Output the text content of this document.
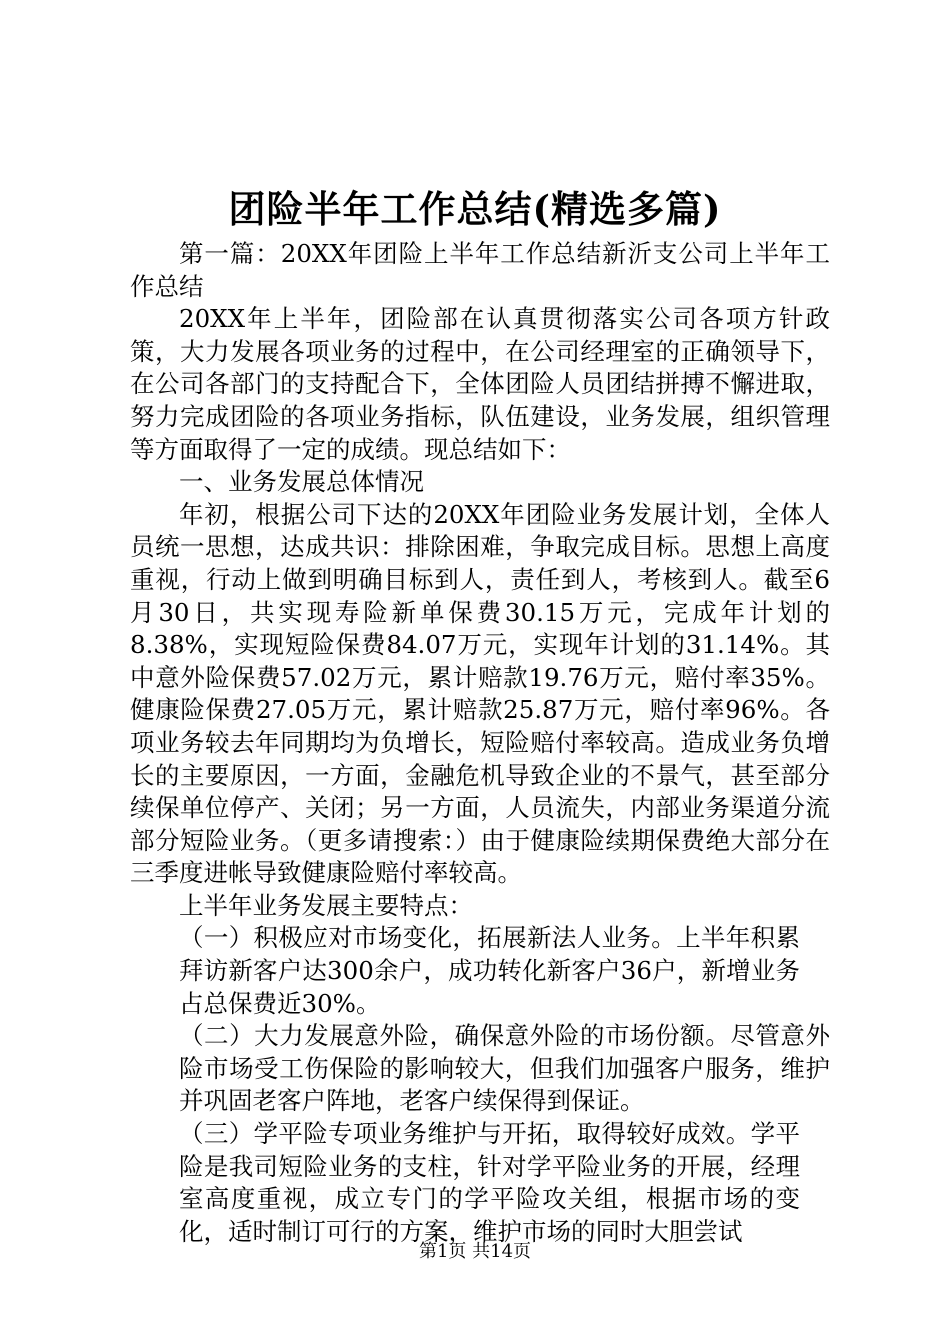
团险半年工作总结(精选多篇)

第一篇：20XX年团险上半年工作总结新沂支公司上半年工作总结

20XX年上半年，团险部在认真贯彻落实公司各项方针政策，大力发展各项业务的过程中，在公司经理室的正确领导下，在公司各部门的支持配合下，全体团险人员团结拼搏不懈进取，努力完成团险的各项业务指标，队伍建设，业务发展，组织管理等方面取得了一定的成绩。现总结如下：

一、业务发展总体情况

年初，根据公司下达的20XX年团险业务发展计划，全体人员统一思想，达成共识：排除困难，争取完成目标。思想上高度重视，行动上做到明确目标到人，责任到人，考核到人。截至6月30日，共实现寿险新单保费30.15万元，完成年计划的8.38%，实现短险保费84.07万元，实现年计划的31.14%。其中意外险保费57.02万元，累计赔款19.76万元，赔付率35%。健康险保费27.05万元，累计赔款25.87万元，赔付率96%。各项业务较去年同期均为负增长，短险赔付率较高。造成业务负增长的主要原因，一方面，金融危机导致企业的不景气，甚至部分续保单位停产、关闭；另一方面，人员流失，内部业务渠道分流部分短险业务。（更多请搜索：）由于健康险续期保费绝大部分在三季度进帐导致健康险赔付率较高。

上半年业务发展主要特点：

（一）积极应对市场变化，拓展新法人业务。上半年积累拜访新客户达300余户，成功转化新客户36户，新增业务占总保费近30%。

（二）大力发展意外险，确保意外险的市场份额。尽管意外险市场受工伤保险的影响较大，但我们加强客户服务，维护并巩固老客户阵地，老客户续保得到保证。

（三）学平险专项业务维护与开拓，取得较好成效。学平险是我司短险业务的支柱，针对学平险业务的开展，经理室高度重视，成立专门的学平险攻关组，根据市场的变化，适时制订可行的方案，维护市场的同时大胆尝试

第1页 共14页
